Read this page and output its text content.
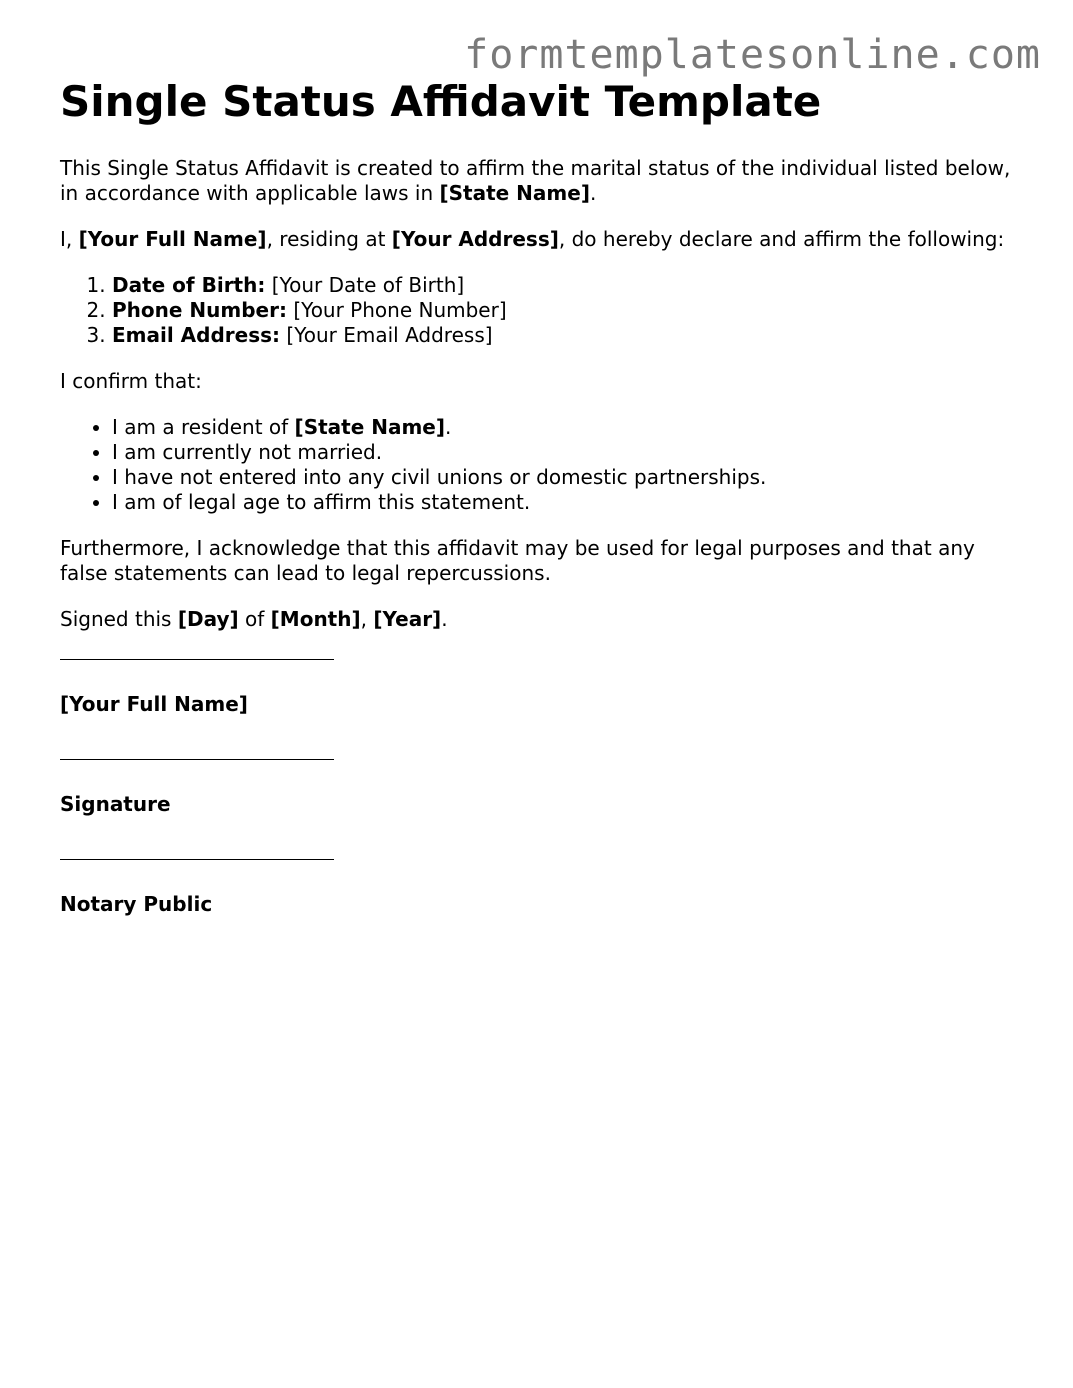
formtemplatesonline.com
Single Status Affidavit Template

This Single Status Affidavit is created to affirm the marital status of the individual listed below, in accordance with applicable laws in [State Name].

I, [Your Full Name], residing at [Your Address], do hereby declare and affirm the following:

1. Date of Birth: [Your Date of Birth]
2. Phone Number: [Your Phone Number]
3. Email Address: [Your Email Address]

I confirm that:

• I am a resident of [State Name].
• I am currently not married.
• I have not entered into any civil unions or domestic partnerships.
• I am of legal age to affirm this statement.

Furthermore, I acknowledge that this affidavit may be used for legal purposes and that any false statements can lead to legal repercussions.

Signed this [Day] of [Month], [Year].

[Your Full Name]
Signature
Notary Public
